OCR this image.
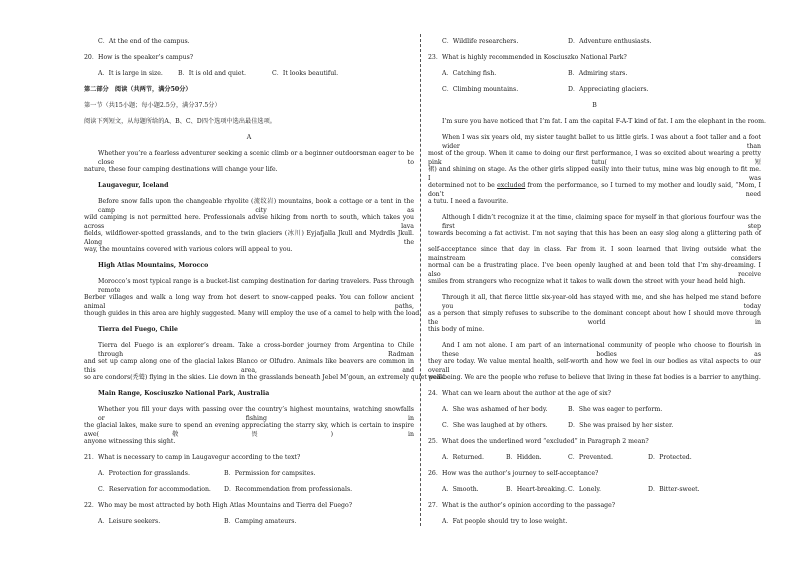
C．At the end of the campus.
20．How is the speaker’s campus?
A．It is large in size.	B．It is old and quiet.	C．It looks beautiful.
第二部分　阅读（共两节，满分50分）
第一节（共15小题；每小题2.5分，满分37.5分）
阅读下列短文，从每题所给的A、B、C、D四个选项中选出最佳选项。
A
Whether you’re a fearless adventurer seeking a scenic climb or a beginner outdoorsman eager to be close to
nature, these four camping destinations will change your life.
Laugavegur, Iceland
Before snow falls upon the changeable rhyolite (流纹岩) mountains, book a cottage or a tent in the camp city as
wild camping is not permitted here. Professionals advise hiking from north to south, which takes you across lava
fields, wildflower-spotted grasslands, and to the twin glaciers (冰川) Eyjafjalla Jkull and Mydrdls Jkull. Along the
way, the mountains covered with various colors will appeal to you.
High Atlas Mountains, Morocco
Morocco’s most typical range is a bucket-list camping destination for daring travelers. Pass through remote
Berber villages and walk a long way from hot desert to snow-capped peaks. You can follow ancient animal paths,
though guides in this area are highly suggested. Many will employ the use of a camel to help with the load.
Tierra del Fuego, Chile
Tierra del Fuego is an explorer’s dream. Take a cross-border journey from Argentina to Chile through Radman
and set up camp along one of the glacial lakes Blanco or Olfudro. Animals like beavers are common in this area, and
so are condors(秃鹫) flying in the skies. Lie down in the grasslands beneath Jebel M’goun, an extremely quiet peak.
Main Range, Kosciuszko National Park, Australia
Whether you fill your days with passing over the country’s highest mountains, watching snowfalls or fishing in
the glacial lakes, make sure to spend an evening appreciating the starry sky, which is certain to inspire awe(敬畏) in
anyone witnessing this sight.
21．What is necessary to camp in Laugavegur according to the text?
A．Protection for grasslands.	B．Permission for campsites.
C．Reservation for accommodation.	D．Recommendation from professionals.
22．Who may be most attracted by both High Atlas Mountains and Tierra del Fuego?
A．Leisure seekers.	B．Camping amateurs.
C．Wildlife researchers.	D．Adventure enthusiasts.
23．What is highly recommended in Kosciuszko National Park?
A．Catching fish.	B．Admiring stars.
C．Climbing mountains.	D．Appreciating glaciers.
B
I’m sure you have noticed that I’m fat. I am the capital F-A-T kind of fat. I am the elephant in the room.
When I was six years old, my sister taught ballet to us little girls. I was about a foot taller and a foot wider than
most of the group. When it came to doing our first performance, I was so excited about wearing a pretty pink tutu(短
裙) and shining on stage. As the other girls slipped easily into their tutus, mine was big enough to fit me. I was
determined not to be excluded from the performance, so I turned to my mother and loudly said, “Mom, I don’t need
a tutu. I need a favourite.
Although I didn’t recognize it at the time, claiming space for myself in that glorious fourfour was the first step
towards becoming a fat activist. I’m not saying that this has been an easy slog along a glittering path of
self-acceptance since that day in class. Far from it. I soon learned that living outside what the mainstream considers
normal can be a frustrating place. I’ve been openly laughed at and been told that I’m shy-dreaming. I also receive
smiles from strangers who recognize what it takes to walk down the street with your head held high.
Through it all, that fierce little six-year-old has stayed with me, and she has helped me stand before you today
as a person that simply refuses to subscribe to the dominant concept about how I should move through the world in
this body of mine.
And I am not alone. I am part of an international community of people who choose to flourish in these bodies as
they are today. We value mental health, self-worth and how we feel in our bodies as vital aspects to our overall
well-being. We are the people who refuse to believe that living in these fat bodies is a barrier to anything.
24．What can we learn about the author at the age of six?
A．She was ashamed of her body.	B．She was eager to perform.
C．She was laughed at by others.	D．She was praised by her sister.
25．What does the underlined word “excluded” in Paragraph 2 mean?
A．Returned.	B．Hidden.	C．Prevented.	D．Protected.
26．How was the author’s journey to self-acceptance?
A．Smooth.	B．Heart-breaking. C．Lonely.	D．Bitter-sweet.
27．What is the author’s opinion according to the passage?
A．Fat people should try to lose weight.
